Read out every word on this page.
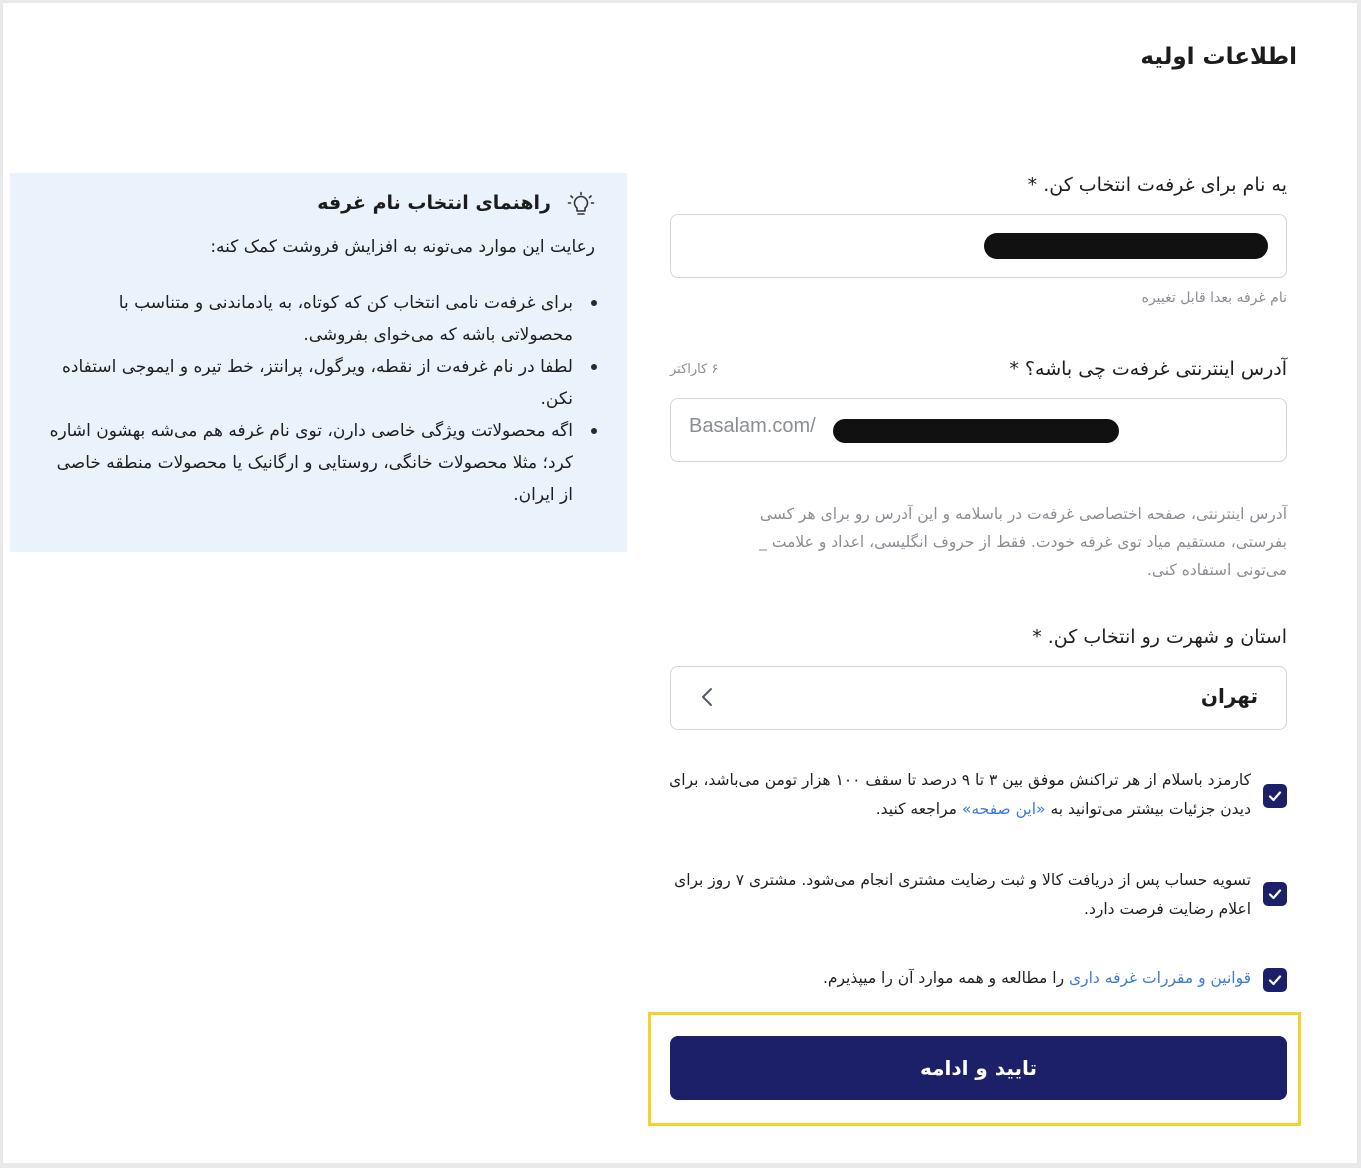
اطلاعات اولیه
یه نام برای غرفه‌ت انتخاب کن. *
نام غرفه بعدا قابل تغییره
آدرس اینترنتی غرفه‌ت چی باشه؟ *
۶ کاراکتر
Basalam.com/

آدرس اینترنتی، صفحه اختصاصی غرفه‌ت در باسلامه و این آدرس رو برای هر کسی بفرستی، مستقیم میاد توی غرفه خودت. فقط از حروف انگلیسی، اعداد و علامت _ می‌تونی استفاده کنی.

استان و شهرت رو انتخاب کن. *
تهران

کارمزد باسلام از هر تراکنش موفق بین ۳ تا ۹ درصد تا سقف ۱۰۰ هزار تومن می‌باشد، برای دیدن جزئیات بیشتر می‌توانید به «این صفحه» مراجعه کنید.

تسویه حساب پس از دریافت کالا و ثبت رضایت مشتری انجام می‌شود. مشتری ۷ روز برای اعلام رضایت فرصت دارد.

قوانین و مقررات غرفه داری را مطالعه و همه موارد آن را میپذیرم.

تایید و ادامه
راهنمای انتخاب نام غرفه

رعایت این موارد می‌تونه به افزایش فروشت کمک کنه:

برای غرفه‌ت نامی انتخاب کن که کوتاه، به یادماندنی و متناسب با محصولاتی باشه که می‌خوای بفروشی.
لطفا در نام غرفه‌ت از نقطه، ویرگول، پرانتز، خط تیره و ایموجی استفاده نکن.
اگه محصولاتت ویژگی خاصی دارن، توی نام غرفه هم می‌شه بهشون اشاره کرد؛ مثلا محصولات خانگی، روستایی و ارگانیک یا محصولات منطقه خاصی از ایران.
